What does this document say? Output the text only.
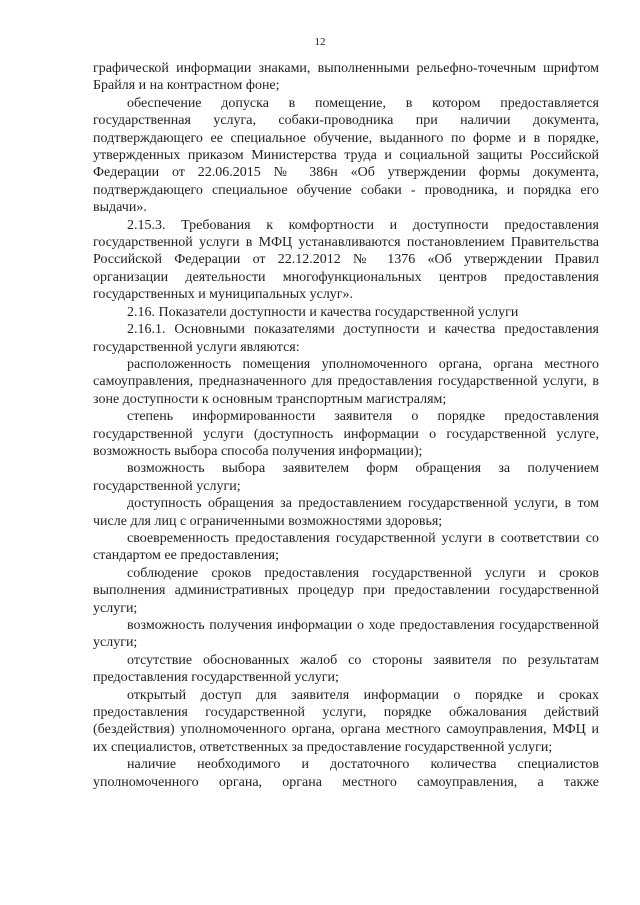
12

графической информации знаками, выполненными рельефно-точечным шрифтом Брайля и на контрастном фоне;

обеспечение допуска в помещение, в котором предоставляется государственная услуга, собаки-проводника при наличии документа, подтверждающего ее специальное обучение, выданного по форме и в порядке, утвержденных приказом Министерства труда и социальной защиты Российской Федерации от 22.06.2015 № 386н «Об утверждении формы документа, подтверждающего специальное обучение собаки - проводника, и порядка его выдачи».

2.15.3. Требования к комфортности и доступности предоставления государственной услуги в МФЦ устанавливаются постановлением Правительства Российской Федерации от 22.12.2012 № 1376 «Об утверждении Правил организации деятельности многофункциональных центров предоставления государственных и муниципальных услуг».

2.16. Показатели доступности и качества государственной услуги

2.16.1. Основными показателями доступности и качества предоставления государственной услуги являются:

расположенность помещения уполномоченного органа, органа местного самоуправления, предназначенного для предоставления государственной услуги, в зоне доступности к основным транспортным магистралям;

степень информированности заявителя о порядке предоставления государственной услуги (доступность информации о государственной услуге, возможность выбора способа получения информации);

возможность выбора заявителем форм обращения за получением государственной услуги;

доступность обращения за предоставлением государственной услуги, в том числе для лиц с ограниченными возможностями здоровья;

своевременность предоставления государственной услуги в соответствии со стандартом ее предоставления;

соблюдение сроков предоставления государственной услуги и сроков выполнения административных процедур при предоставлении государственной услуги;

возможность получения информации о ходе предоставления государственной услуги;

отсутствие обоснованных жалоб со стороны заявителя по результатам предоставления государственной услуги;

открытый доступ для заявителя информации о порядке и сроках предоставления государственной услуги, порядке обжалования действий (бездействия) уполномоченного органа, органа местного самоуправления, МФЦ и их специалистов, ответственных за предоставление государственной услуги;

наличие необходимого и достаточного количества специалистов уполномоченного органа, органа местного самоуправления, а также
